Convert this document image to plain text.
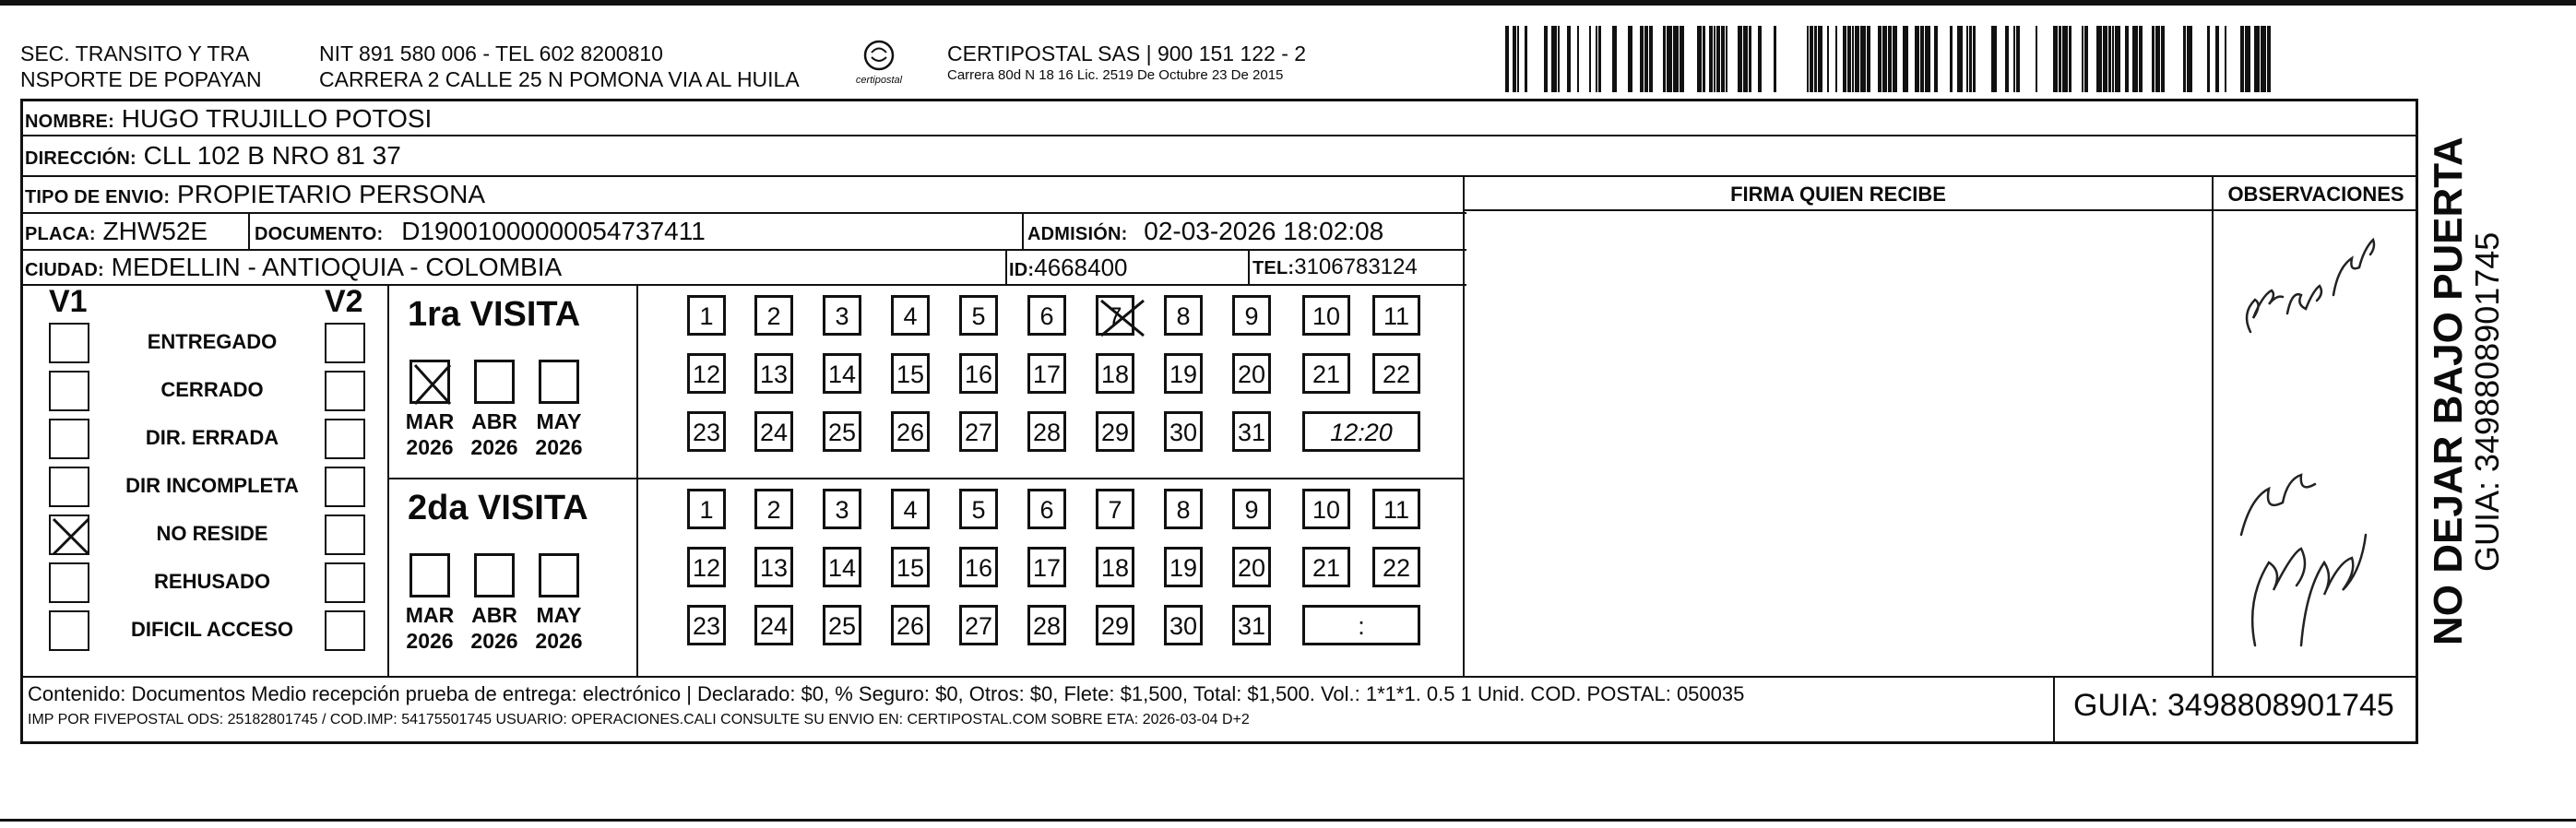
SEC. TRANSITO Y TRA
NSPORTE DE POPAYAN
NIT 891 580 006 - TEL 602 8200810
CARRERA 2 CALLE 25 N POMONA VIA AL HUILA	certipostal
CERTIPOSTAL SAS | 900 151 122 - 2
Carrera 80d N 18 16 Lic. 2519 De Octubre 23 De 2015
NOMBRE: HUGO TRUJILLO POTOSI
DIRECCIÓN: CLL 102 B NRO 81 37
TIPO DE ENVIO: PROPIETARIO PERSONA
PLACA: ZHW52E	DOCUMENTO: D19001000000054737411	ADMISIÓN: 02-03-2026 18:02:08
CIUDAD: MEDELLIN - ANTIOQUIA - COLOMBIA	ID:4668400	TEL:3106783124
FIRMA QUIEN RECIBE	OBSERVACIONES
V1	V2
ENTREGADO
CERRADO
DIR. ERRADA
DIR INCOMPLETA
NO RESIDE
REHUSADO
DIFICIL ACCESO
1ra VISITA
MAR
2026
ABR
2026
MAY
2026
1	2	3	4	5	6	7	8	9	10	11
12 13 14 15 16 17 18 19 20	21	22
23 24 25 26 27 28 29 30 31	12:20
2da VISITA
MAR
2026
ABR
2026
MAY
2026
1	2	3	4	5	6	7	8	9	10	11
12 13 14 15 16 17 18 19 20	21	22
23 24 25 26 27 28 29 30 31	:	NO DEJAR BAJO PUERTA
GUIA: 3498808901745
Contenido: Documentos Medio recepción prueba de entrega: electrónico | Declarado: $0, % Seguro: $0, Otros: $0, Flete: $1,500, Total: $1,500. Vol.: 1*1*1. 0.5 1 Unid. COD. POSTAL: 050035
IMP POR FIVEPOSTAL ODS: 25182801745 / COD.IMP: 54175501745 USUARIO: OPERACIONES.CALI CONSULTE SU ENVIO EN: CERTIPOSTAL.COM SOBRE ETA: 2026-03-04 D+2	GUIA: 3498808901745
